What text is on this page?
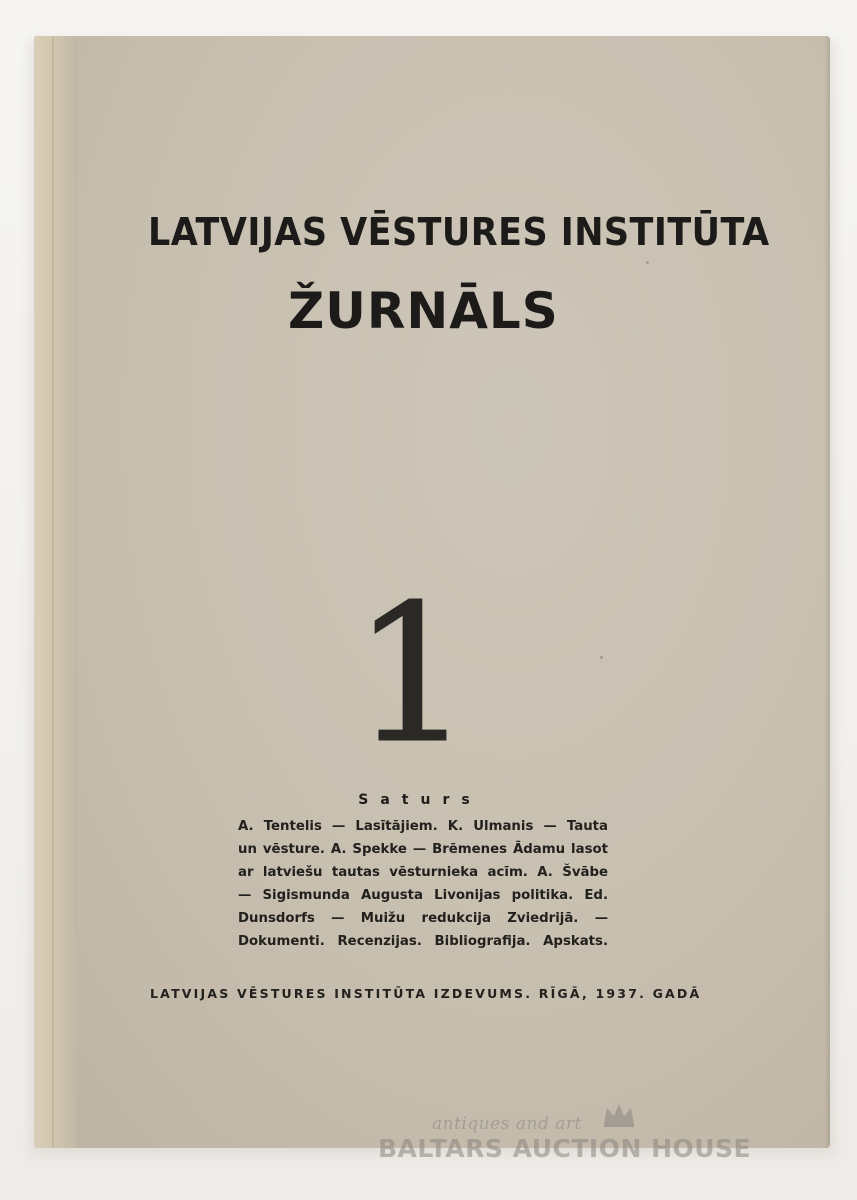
LATVIJAS VĒSTURES INSTITŪTA
ŽURNĀLS
1
Saturs
A. Tentelis — Lasītājiem. K. Ulmanis — Tauta
un vēsture. A. Spekke — Brēmenes Ādamu lasot
ar latviešu tautas vēsturnieka acīm. A. Švābe
— Sigismunda Augusta Livonijas politika. Ed.
Dunsdorfs — Muižu redukcija Zviedrijā. —
Dokumenti. Recenzijas. Bibliografija. Apskats.
LATVIJAS VĒSTURES INSTITŪTA IZDEVUMS. RĪGĀ, 1937. GADĀ
antiques and art
BALTARS AUCTION HOUSE
